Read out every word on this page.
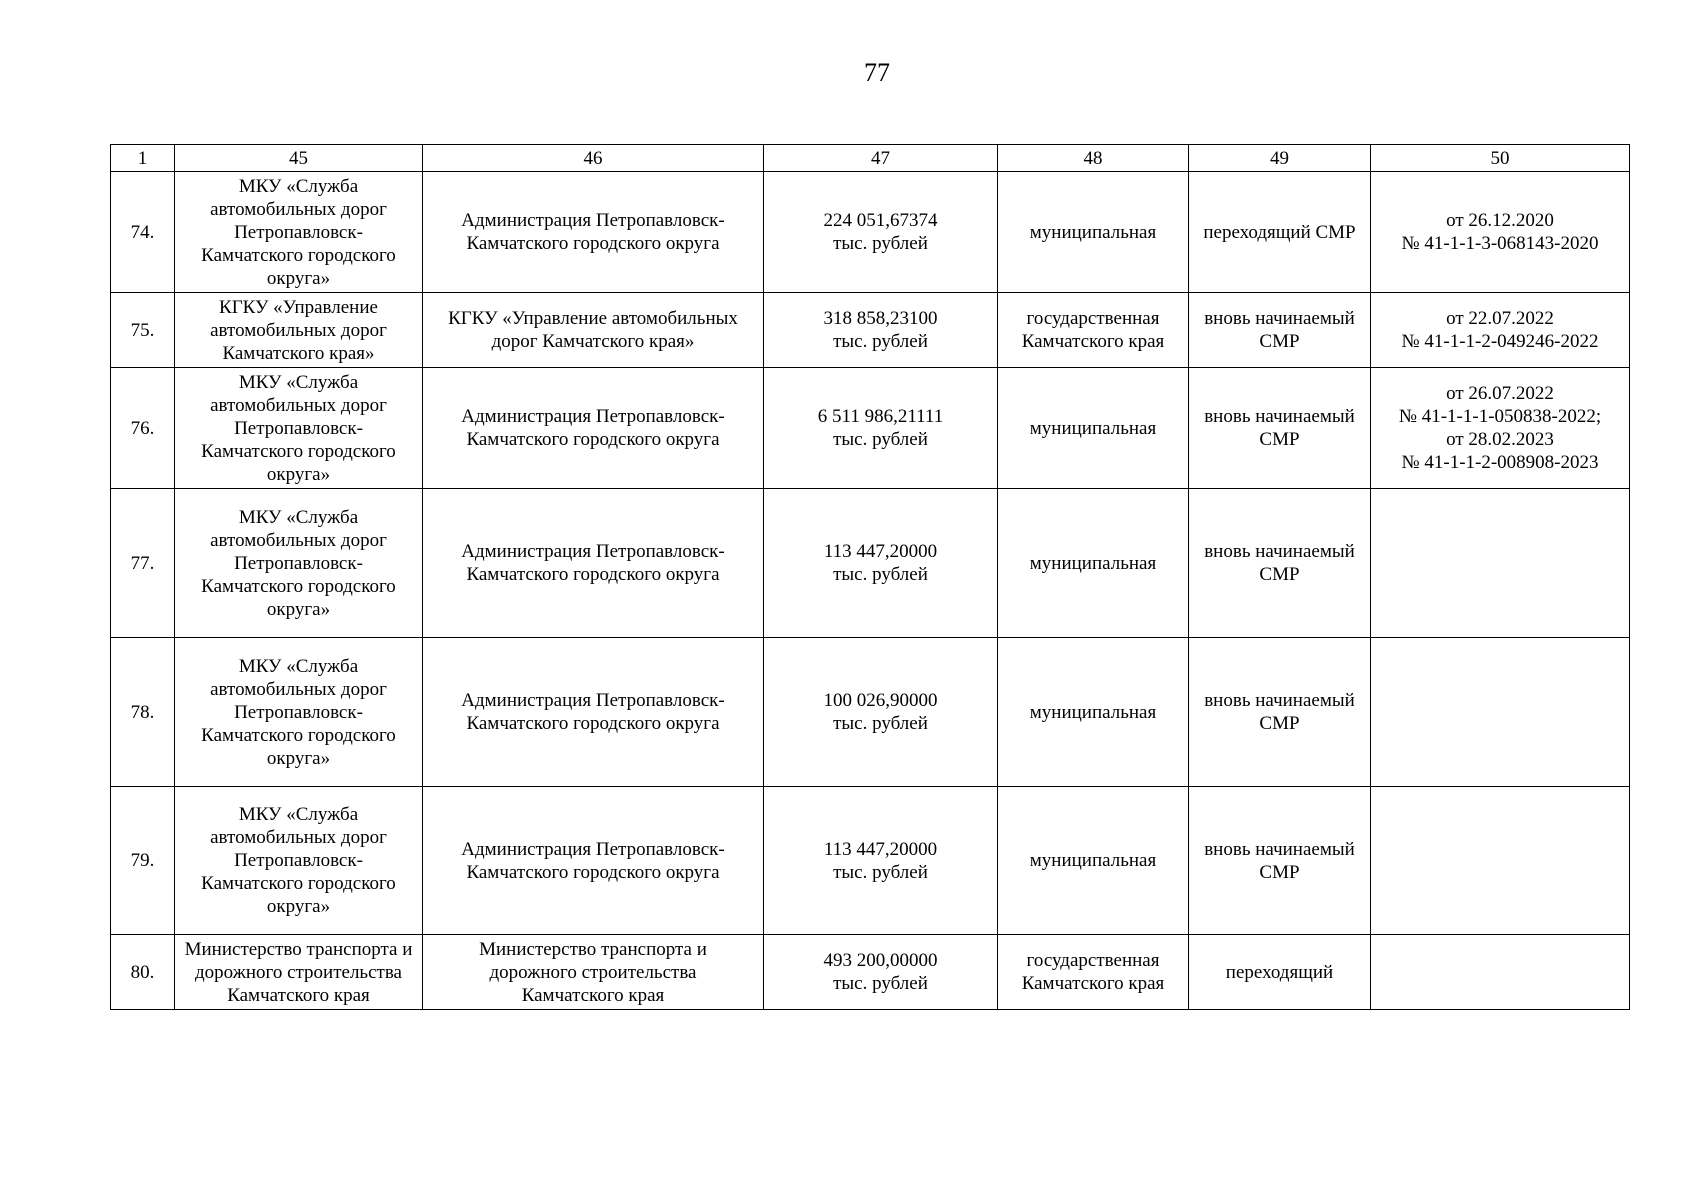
77
1	45	46	47	48	49	50
74.	МКУ «Служба
автомобильных дорог
Петропавловск-
Камчатского городского
округа»	Администрация Петропавловск-
Камчатского городского округа	224 051,67374
тыс. рублей	муниципальная	переходящий СМР	от 26.12.2020
№ 41-1-1-3-068143-2020

75.	КГКУ «Управление
автомобильных дорог
Камчатского края»	КГКУ «Управление автомобильных
дорог Камчатского края»	318 858,23100
тыс. рублей	государственная
Камчатского края	вновь начинаемый
СМР	от 22.07.2022
№ 41-1-1-2-049246-2022

76.	МКУ «Служба
автомобильных дорог
Петропавловск-
Камчатского городского
округа»	Администрация Петропавловск-
Камчатского городского округа	6 511 986,21111
тыс. рублей	муниципальная	вновь начинаемый
СМР	от 26.07.2022
№ 41-1-1-1-050838-2022;
от 28.02.2023
№ 41-1-1-2-008908-2023

77.	МКУ «Служба
автомобильных дорог
Петропавловск-
Камчатского городского
округа»	Администрация Петропавловск-
Камчатского городского округа	113 447,20000
тыс. рублей	муниципальная	вновь начинаемый
СМР	

78.	МКУ «Служба
автомобильных дорог
Петропавловск-
Камчатского городского
округа»	Администрация Петропавловск-
Камчатского городского округа	100 026,90000
тыс. рублей	муниципальная	вновь начинаемый
СМР	

79.	МКУ «Служба
автомобильных дорог
Петропавловск-
Камчатского городского
округа»	Администрация Петропавловск-
Камчатского городского округа	113 447,20000
тыс. рублей	муниципальная	вновь начинаемый
СМР	

80.	Министерство транспорта и
дорожного строительства
Камчатского края	Министерство транспорта и
дорожного строительства
Камчатского края	493 200,00000
тыс. рублей	государственная
Камчатского края	переходящий	
